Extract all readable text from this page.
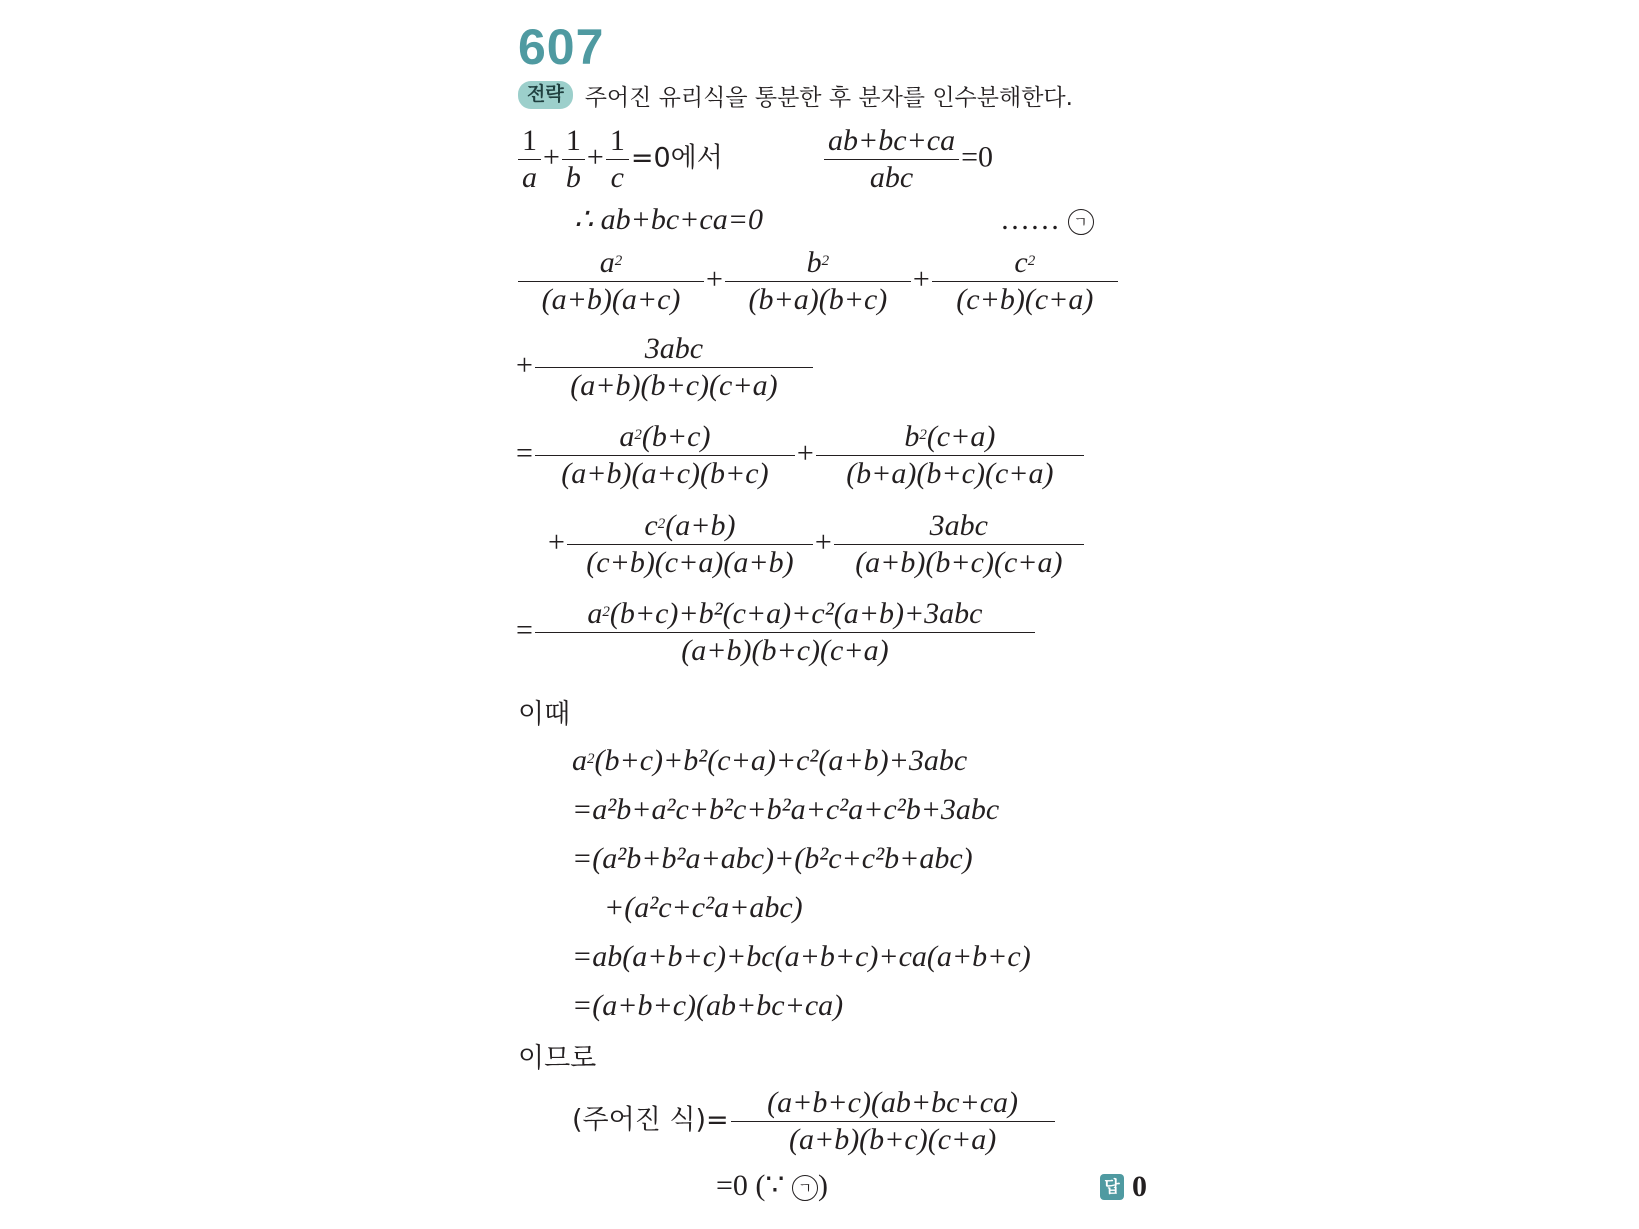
607
전략 주어진 유리식을 통분한 후 분자를 인수분해한다.
$\frac{1}{a} + \frac{1}{b} + \frac{1}{c} =0$에서	$\frac{ab+bc+ca}{\text{abc}} =0$
∴ ab+bc+ca=0	…… ㄱ
$\frac{a^2}{(a+b)(a+c)} + \frac{b^2}{(b+a)(b+c)} + \frac{c^2}{(c+b)(c+a)}$
+ $\frac{\text{3abc}}{(a+b)(b+c)(c+a)}$
= $\frac{a^2(b+c)}{(a+b)(a+c)(b+c)} + \frac{b^2(c+a)}{(b+a)(b+c)(c+a)}$
+ $\frac{c^2(a+b)}{(c+b)(c+a)(a+b)} + \frac{\text{3abc}}{(a+b)(b+c)(c+a)}$
= $\frac{a^2(b+c)+b^2(c+a)+c^2(a+b)+3abc}{(a+b)(b+c)(c+a)}$
이때
$a^2(b+c)+b^2(c+a)+c^2(a+b)+3abc$
=a²b+a²c+b²c+b²a+c²a+c²b+3abc
=(a²b+b²a+abc)+(b²c+c²b+abc)
+(a²c+c²a+abc)
=ab(a+b+c)+bc(a+b+c)+ca(a+b+c)
=(a+b+c)(ab+bc+ca)
이므로
(주어진 식)= $\frac{(a+b+c)(ab+bc+ca)}{(a+b)(b+c)(c+a)}$
=0 (∵ ㄱ )	답 0
